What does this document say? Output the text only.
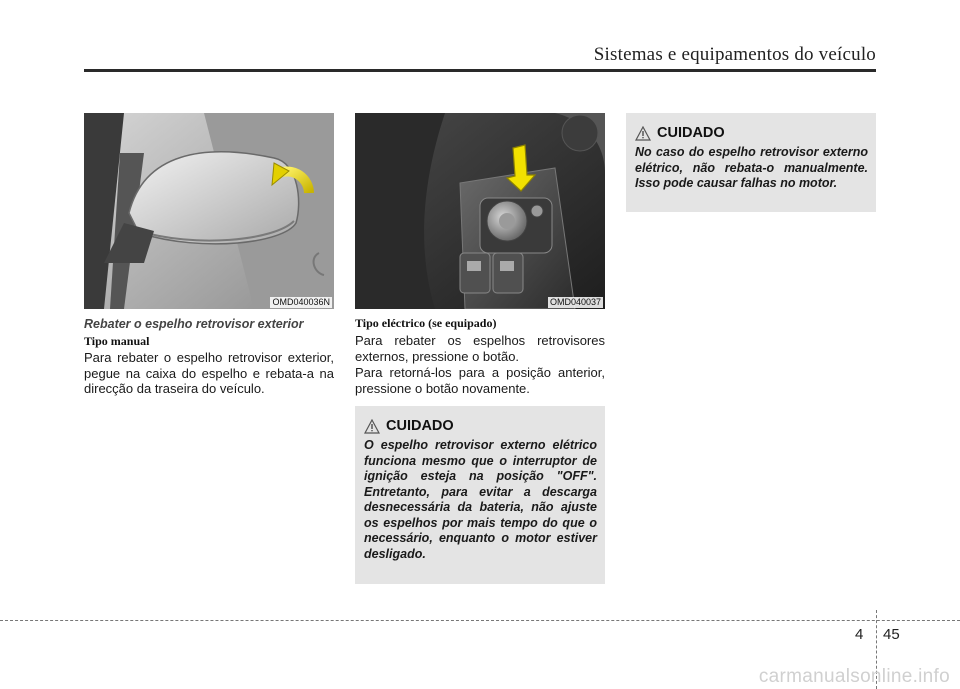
Sistemas e equipamentos do veículo
OMD040036N	OMD040037
Rebater o espelho retrovisor exterior
Tipo manual

Para rebater o espelho retrovisor exterior, pegue na caixa do espelho e rebata-a na direcção da traseira do veículo.

Tipo eléctrico (se equipado)

Para rebater os espelhos retrovisores externos, pressione o botão.

Para retorná-los para a posição anterior, pressione o botão novamente.

CUIDADO

O espelho retrovisor externo elétrico funciona mesmo que o interruptor de ignição esteja na posição "OFF". Entretanto, para evitar a descarga desnecessária da bateria, não ajuste os espelhos por mais tempo do que o necessário, enquanto o motor estiver desligado.

CUIDADO

No caso do espelho retrovisor externo elétrico, não rebata-o manualmente. Isso pode causar falhas no motor.

4 45
carmanualsonline.info
